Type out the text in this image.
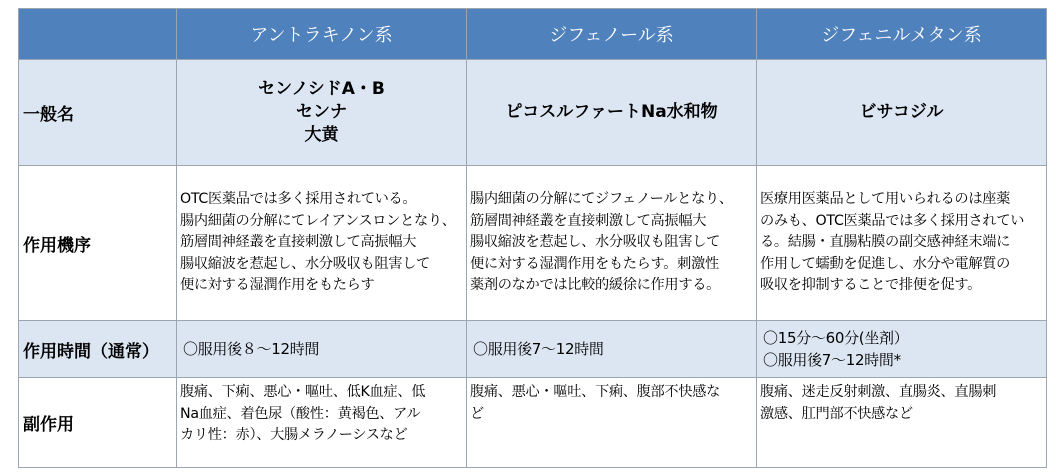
	アントラキノン系	ジフェノール系	ジフェニルメタン系
一般名	センノシドA・B
センナ
大黄	ピコスルファートNa水和物	ビサコジル

作用機序	OTC医薬品では多く採用されている。
腸内細菌の分解にてレイアンスロンとなり、
筋層間神経叢を直接刺激して高振幅大
腸収縮波を惹起し、水分吸収も阻害して
便に対する湿潤作用をもたらす	腸内細菌の分解にてジフェノールとなり、
筋層間神経叢を直接刺激して高振幅大
腸収縮波を惹起し、水分吸収も阻害して
便に対する湿潤作用をもたらす。刺激性
薬剤のなかでは比較的緩徐に作用する。	医療用医薬品として用いられるのは座薬
のみも、OTC医薬品では多く採用されてい
る。結腸・直腸粘膜の副交感神経末端に
作用して蠕動を促進し、水分や電解質の
吸収を抑制することで排便を促す。

作用時間（通常）	〇服用後８～12時間	〇服用後7～12時間	〇15分～60分(坐剤）
〇服用後7～12時間*

副作用	腹痛、下痢、悪心・嘔吐、低K血症、低
Na血症、着色尿（酸性：黄褐色、アル
カリ性：赤）、大腸メラノーシスなど	腹痛、悪心・嘔吐、下痢、腹部不快感な
ど	腹痛、迷走反射刺激、直腸炎、直腸刺
激感、肛門部不快感など
